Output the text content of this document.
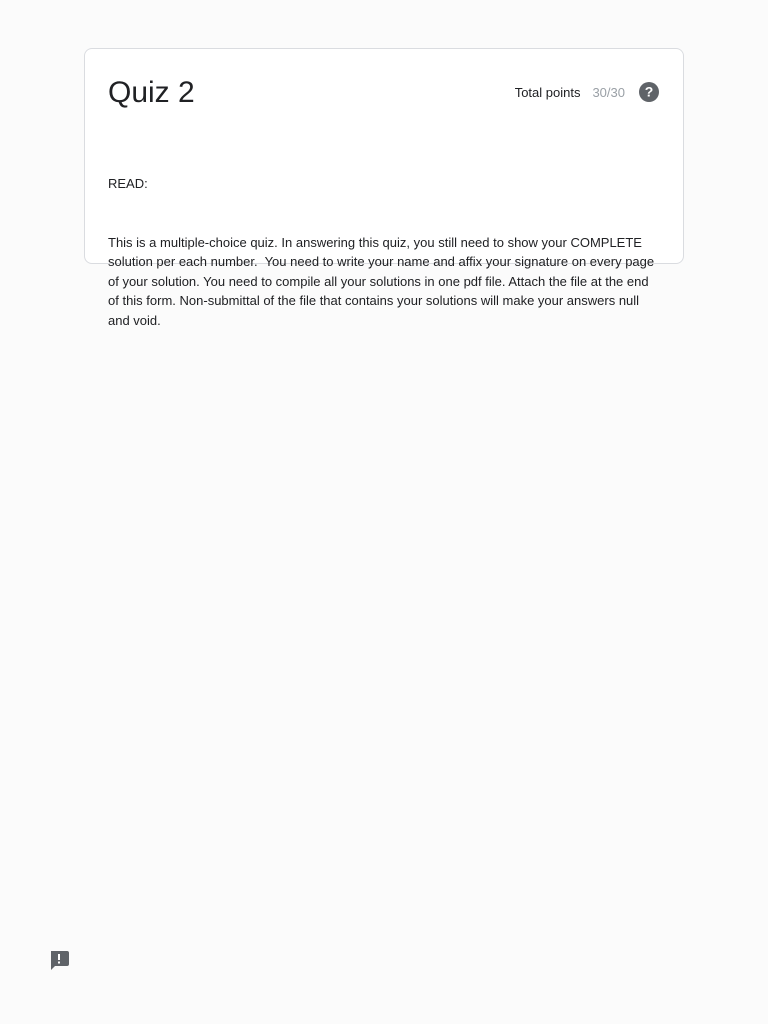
Quiz 2	Total points 30/30 ?

READ:

This is a multiple-choice quiz. In answering this quiz, you still need to show your COMPLETE solution per each number.  You need to write your name and affix your signature on every page of your solution. You need to compile all your solutions in one pdf file. Attach the file at the end of this form. Non-submittal of the file that contains your solutions will make your answers null and void.
